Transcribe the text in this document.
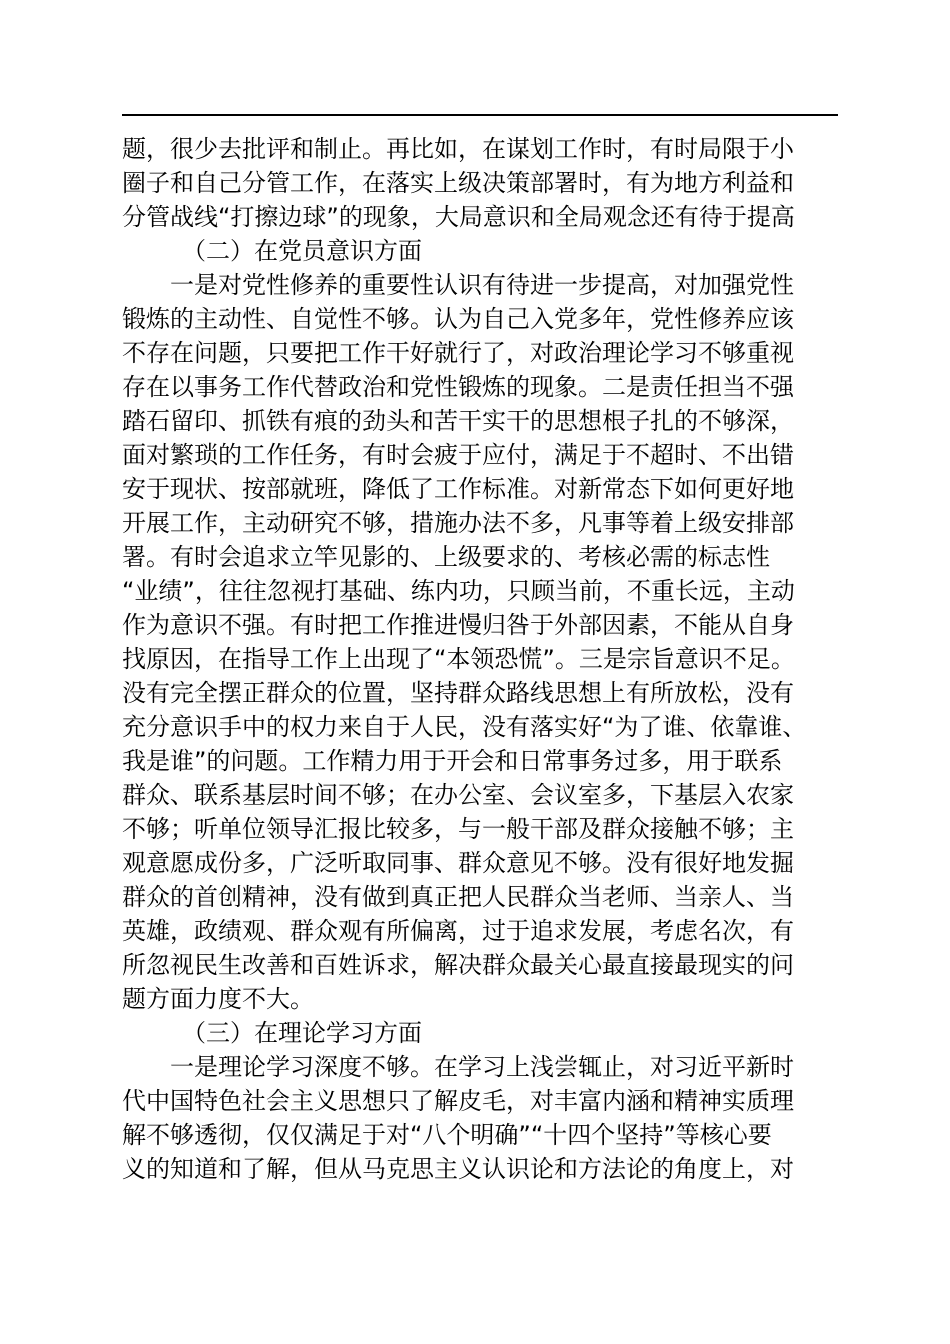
题，很少去批评和制止。再比如，在谋划工作时，有时局限于小
圈子和自己分管工作，在落实上级决策部署时，有为地方利益和
分管战线“打擦边球”的现象，大局意识和全局观念还有待于提高
（二）在党员意识方面
一是对党性修养的重要性认识有待进一步提高，对加强党性
锻炼的主动性、自觉性不够。认为自己入党多年，党性修养应该
不存在问题，只要把工作干好就行了，对政治理论学习不够重视
存在以事务工作代替政治和党性锻炼的现象。二是责任担当不强
踏石留印、抓铁有痕的劲头和苦干实干的思想根子扎的不够深，
面对繁琐的工作任务，有时会疲于应付，满足于不超时、不出错
安于现状、按部就班，降低了工作标准。对新常态下如何更好地
开展工作，主动研究不够，措施办法不多，凡事等着上级安排部
署。有时会追求立竿见影的、上级要求的、考核必需的标志性
“业绩”，往往忽视打基础、练内功，只顾当前，不重长远，主动
作为意识不强。有时把工作推进慢归咎于外部因素，不能从自身
找原因，在指导工作上出现了“本领恐慌”。三是宗旨意识不足。
没有完全摆正群众的位置，坚持群众路线思想上有所放松，没有
充分意识手中的权力来自于人民，没有落实好“为了谁、依靠谁、
我是谁”的问题。工作精力用于开会和日常事务过多，用于联系
群众、联系基层时间不够；在办公室、会议室多，下基层入农家
不够；听单位领导汇报比较多，与一般干部及群众接触不够；主
观意愿成份多，广泛听取同事、群众意见不够。没有很好地发掘
群众的首创精神，没有做到真正把人民群众当老师、当亲人、当
英雄，政绩观、群众观有所偏离，过于追求发展，考虑名次，有
所忽视民生改善和百姓诉求，解决群众最关心最直接最现实的问
题方面力度不大。
（三）在理论学习方面
一是理论学习深度不够。在学习上浅尝辄止，对习近平新时
代中国特色社会主义思想只了解皮毛，对丰富内涵和精神实质理
解不够透彻，仅仅满足于对“八个明确”“十四个坚持”等核心要
义的知道和了解，但从马克思主义认识论和方法论的角度上，对
